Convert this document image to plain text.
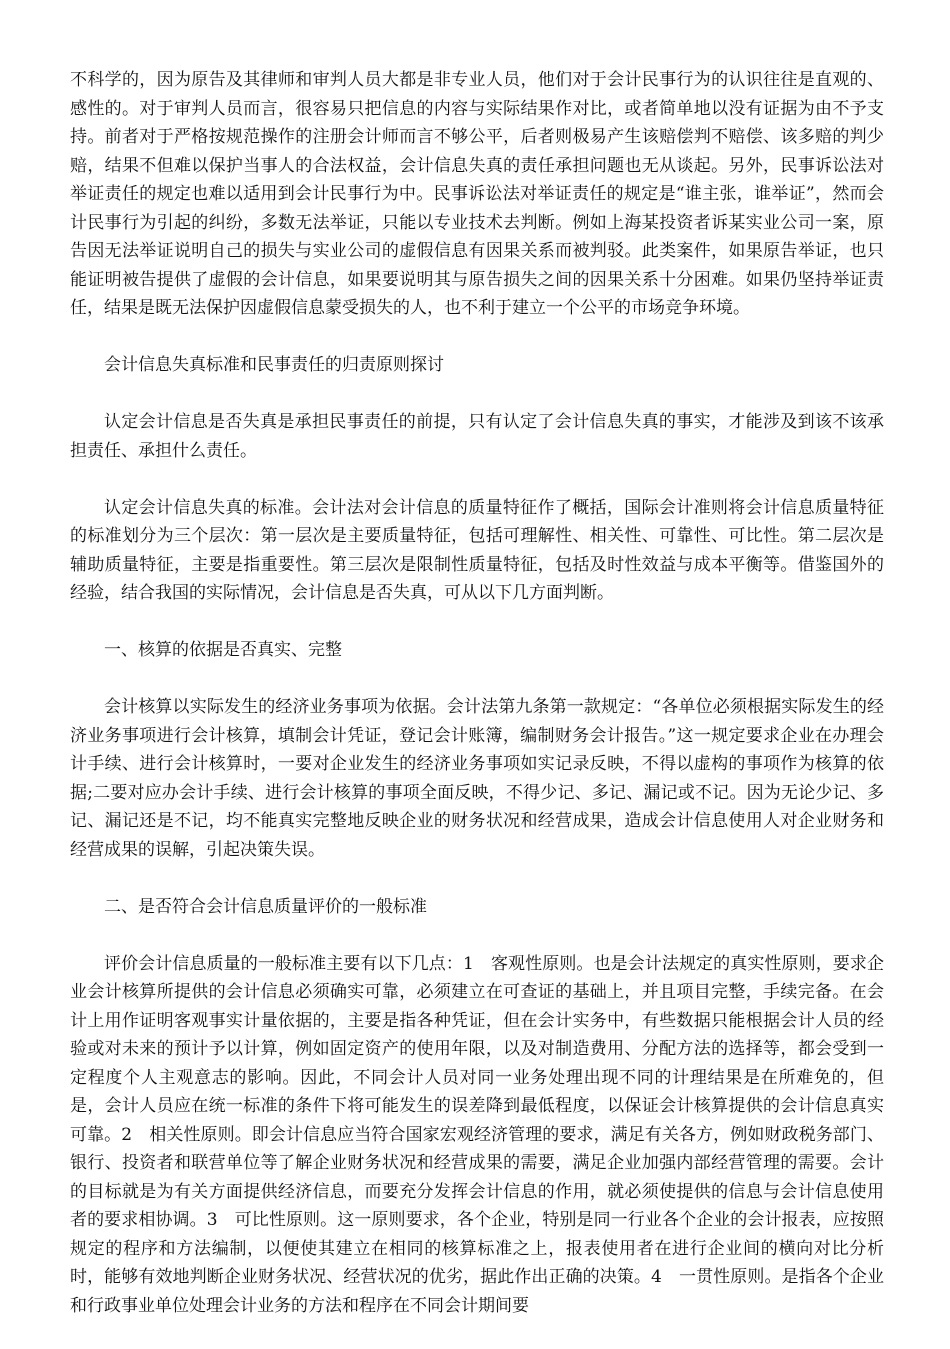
不科学的，因为原告及其律师和审判人员大都是非专业人员，他们对于会计民事行为的认识往往是直观的、感性的。对于审判人员而言，很容易只把信息的内容与实际结果作对比，或者简单地以没有证据为由不予支持。前者对于严格按规范操作的注册会计师而言不够公平，后者则极易产生该赔偿判不赔偿、该多赔的判少赔，结果不但难以保护当事人的合法权益，会计信息失真的责任承担问题也无从谈起。另外，民事诉讼法对举证责任的规定也难以适用到会计民事行为中。民事诉讼法对举证责任的规定是“谁主张，谁举证”，然而会计民事行为引起的纠纷，多数无法举证，只能以专业技术去判断。例如上海某投资者诉某实业公司一案，原告因无法举证说明自己的损失与实业公司的虚假信息有因果关系而被判驳。此类案件，如果原告举证，也只能证明被告提供了虚假的会计信息，如果要说明其与原告损失之间的因果关系十分困难。如果仍坚持举证责任，结果是既无法保护因虚假信息蒙受损失的人，也不利于建立一个公平的市场竞争环境。

会计信息失真标准和民事责任的归责原则探讨

认定会计信息是否失真是承担民事责任的前提，只有认定了会计信息失真的事实，才能涉及到该不该承担责任、承担什么责任。

认定会计信息失真的标准。会计法对会计信息的质量特征作了概括，国际会计准则将会计信息质量特征的标准划分为三个层次：第一层次是主要质量特征，包括可理解性、相关性、可靠性、可比性。第二层次是辅助质量特征，主要是指重要性。第三层次是限制性质量特征，包括及时性效益与成本平衡等。借鉴国外的经验，结合我国的实际情况，会计信息是否失真，可从以下几方面判断。

一、核算的依据是否真实、完整

会计核算以实际发生的经济业务事项为依据。会计法第九条第一款规定：“各单位必须根据实际发生的经济业务事项进行会计核算，填制会计凭证，登记会计账簿，编制财务会计报告。”这一规定要求企业在办理会计手续、进行会计核算时，一要对企业发生的经济业务事项如实记录反映，不得以虚构的事项作为核算的依据;二要对应办会计手续、进行会计核算的事项全面反映，不得少记、多记、漏记或不记。因为无论少记、多记、漏记还是不记，均不能真实完整地反映企业的财务状况和经营成果，造成会计信息使用人对企业财务和经营成果的误解，引起决策失误。

二、是否符合会计信息质量评价的一般标准

评价会计信息质量的一般标准主要有以下几点：1　客观性原则。也是会计法规定的真实性原则，要求企业会计核算所提供的会计信息必须确实可靠，必须建立在可查证的基础上，并且项目完整，手续完备。在会计上用作证明客观事实计量依据的，主要是指各种凭证，但在会计实务中，有些数据只能根据会计人员的经验或对未来的预计予以计算，例如固定资产的使用年限，以及对制造费用、分配方法的选择等，都会受到一定程度个人主观意志的影响。因此，不同会计人员对同一业务处理出现不同的计理结果是在所难免的，但是，会计人员应在统一标准的条件下将可能发生的误差降到最低程度，以保证会计核算提供的会计信息真实可靠。2　相关性原则。即会计信息应当符合国家宏观经济管理的要求，满足有关各方，例如财政税务部门、银行、投资者和联营单位等了解企业财务状况和经营成果的需要，满足企业加强内部经营管理的需要。会计的目标就是为有关方面提供经济信息，而要充分发挥会计信息的作用，就必须使提供的信息与会计信息使用者的要求相协调。3　可比性原则。这一原则要求，各个企业，特别是同一行业各个企业的会计报表，应按照规定的程序和方法编制，以便使其建立在相同的核算标准之上，报表使用者在进行企业间的横向对比分析时，能够有效地判断企业财务状况、经营状况的优劣，据此作出正确的决策。4　一贯性原则。是指各个企业和行政事业单位处理会计业务的方法和程序在不同会计期间要
